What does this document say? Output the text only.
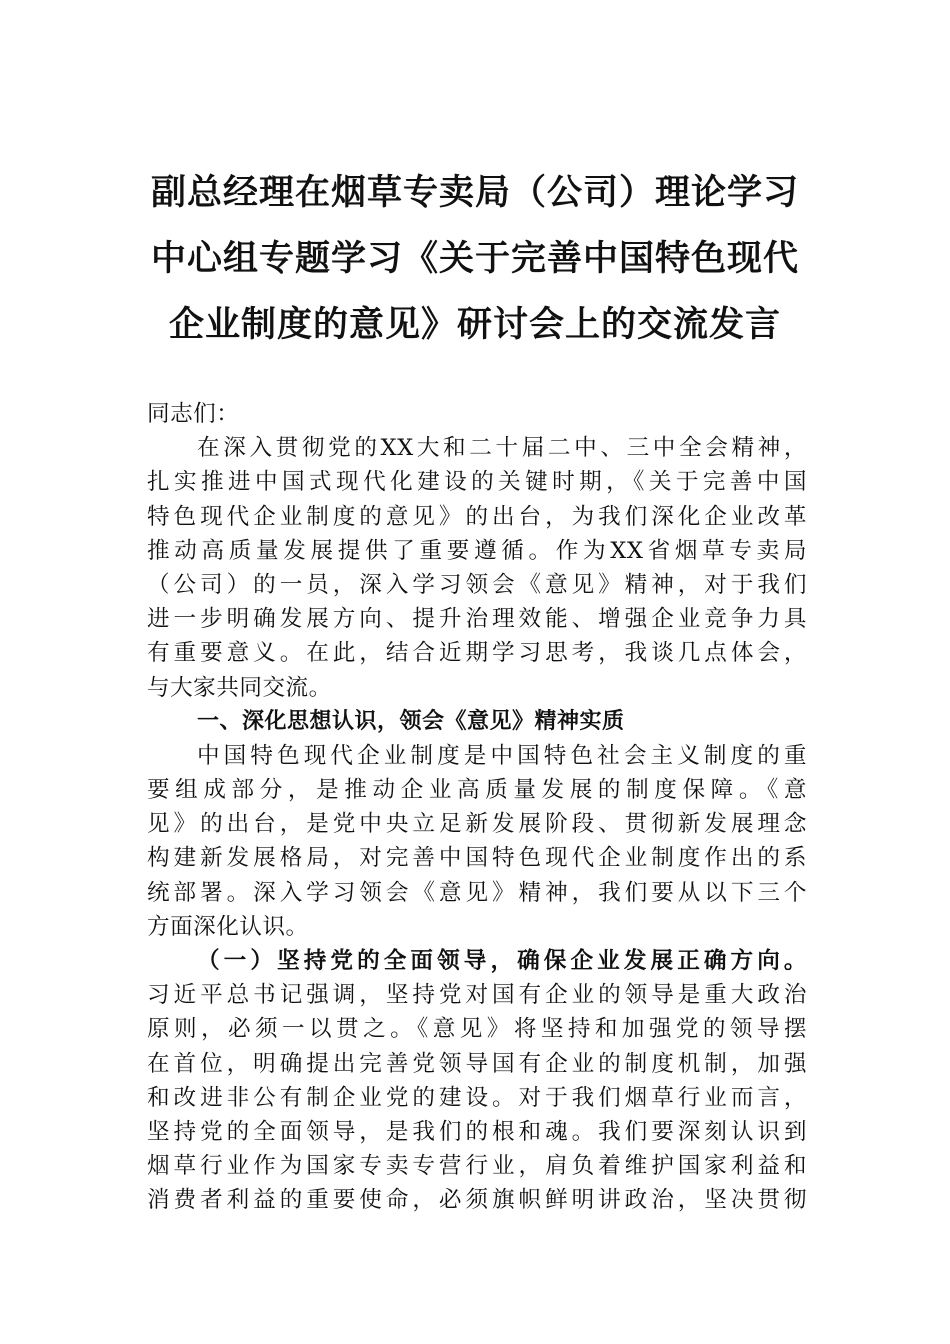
副总经理在烟草专卖局（公司）理论学习
中心组专题学习《关于完善中国特色现代
企业制度的意见》研讨会上的交流发言
同志们：
在深入贯彻党的XX大和二十届二中、三中全会精神，
扎实推进中国式现代化建设的关键时期，《关于完善中国
特色现代企业制度的意见》的出台，为我们深化企业改革
推动高质量发展提供了重要遵循。作为XX省烟草专卖局
（公司）的一员，深入学习领会《意见》精神，对于我们
进一步明确发展方向、提升治理效能、增强企业竞争力具
有重要意义。在此，结合近期学习思考，我谈几点体会，
与大家共同交流。
一、深化思想认识，领会《意见》精神实质
中国特色现代企业制度是中国特色社会主义制度的重
要组成部分，是推动企业高质量发展的制度保障。《意
见》的出台，是党中央立足新发展阶段、贯彻新发展理念
构建新发展格局，对完善中国特色现代企业制度作出的系
统部署。深入学习领会《意见》精神，我们要从以下三个
方面深化认识。
（一）坚持党的全面领导，确保企业发展正确方向。
习近平总书记强调，坚持党对国有企业的领导是重大政治
原则，必须一以贯之。《意见》将坚持和加强党的领导摆
在首位，明确提出完善党领导国有企业的制度机制，加强
和改进非公有制企业党的建设。对于我们烟草行业而言，
坚持党的全面领导，是我们的根和魂。我们要深刻认识到
烟草行业作为国家专卖专营行业，肩负着维护国家利益和
消费者利益的重要使命，必须旗帜鲜明讲政治，坚决贯彻
